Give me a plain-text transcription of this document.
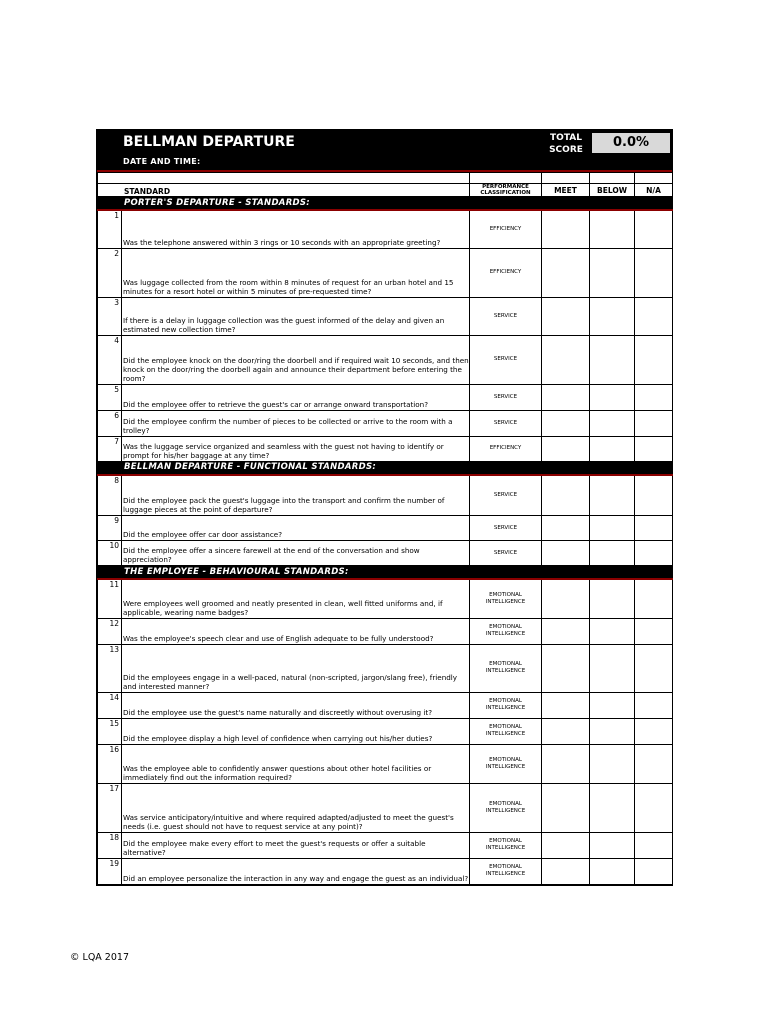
BELLMAN DEPARTURE
DATE AND TIME:
TOTAL
SCORE	0.0%

STANDARD		PERFORMANCE
CLASSIFICATION	MEET	BELOW	N/A
PORTER'S DEPARTURE - STANDARDS:					
1	Was the telephone answered within 3 rings or 10 seconds with an appropriate greeting?	EFFICIENCY			
2	Was luggage collected from the room within 8 minutes of request for an urban hotel and 15 minutes for a resort hotel or within 5 minutes of pre-requested time?	EFFICIENCY			
3	If there is a delay in luggage collection was the guest informed of the delay and given an estimated new collection time?	SERVICE			
4	Did the employee knock on the door/ring the doorbell and if required wait 10 seconds, and then knock on the door/ring the doorbell again and announce their department before entering the room?	SERVICE			
5	Did the employee offer to retrieve the guest's car or arrange onward transportation?	SERVICE			
6	Did the employee confirm the number of pieces to be collected or arrive to the room with a trolley?	SERVICE			
7	Was the luggage service organized and seamless with the guest not having to identify or prompt for his/her baggage at any time?	EFFICIENCY			
BELLMAN DEPARTURE - FUNCTIONAL STANDARDS:					
8	Did the employee pack the guest's luggage into the transport and confirm the number of luggage pieces at the point of departure?	SERVICE			
9	Did the employee offer car door assistance?	SERVICE			
10	Did the employee offer a sincere farewell at the end of the conversation and show appreciation?	SERVICE			
THE EMPLOYEE - BEHAVIOURAL STANDARDS:					
11	Were employees well groomed and neatly presented in clean, well fitted uniforms and, if applicable, wearing name badges?	EMOTIONAL INTELLIGENCE			
12	Was the employee's speech clear and use of English adequate to be fully understood?	EMOTIONAL INTELLIGENCE			
13	Did the employees engage in a well-paced, natural (non-scripted, jargon/slang free), friendly and interested manner?	EMOTIONAL INTELLIGENCE			
14	Did the employee use the guest's name naturally and discreetly without overusing it?	EMOTIONAL INTELLIGENCE			
15	Did the employee display a high level of confidence when carrying out his/her duties?	EMOTIONAL INTELLIGENCE			
16	Was the employee able to confidently answer questions about other hotel facilities or immediately find out the information required?	EMOTIONAL INTELLIGENCE			
17	Was service anticipatory/intuitive and where required adapted/adjusted to meet the guest's needs (i.e. guest should not have to request service at any point)?	EMOTIONAL INTELLIGENCE			
18	Did the employee make every effort to meet the guest's requests or offer a suitable alternative?	EMOTIONAL INTELLIGENCE			
19	Did an employee personalize the interaction in any way and engage the guest as an individual?	EMOTIONAL INTELLIGENCE			
© LQA 2017
